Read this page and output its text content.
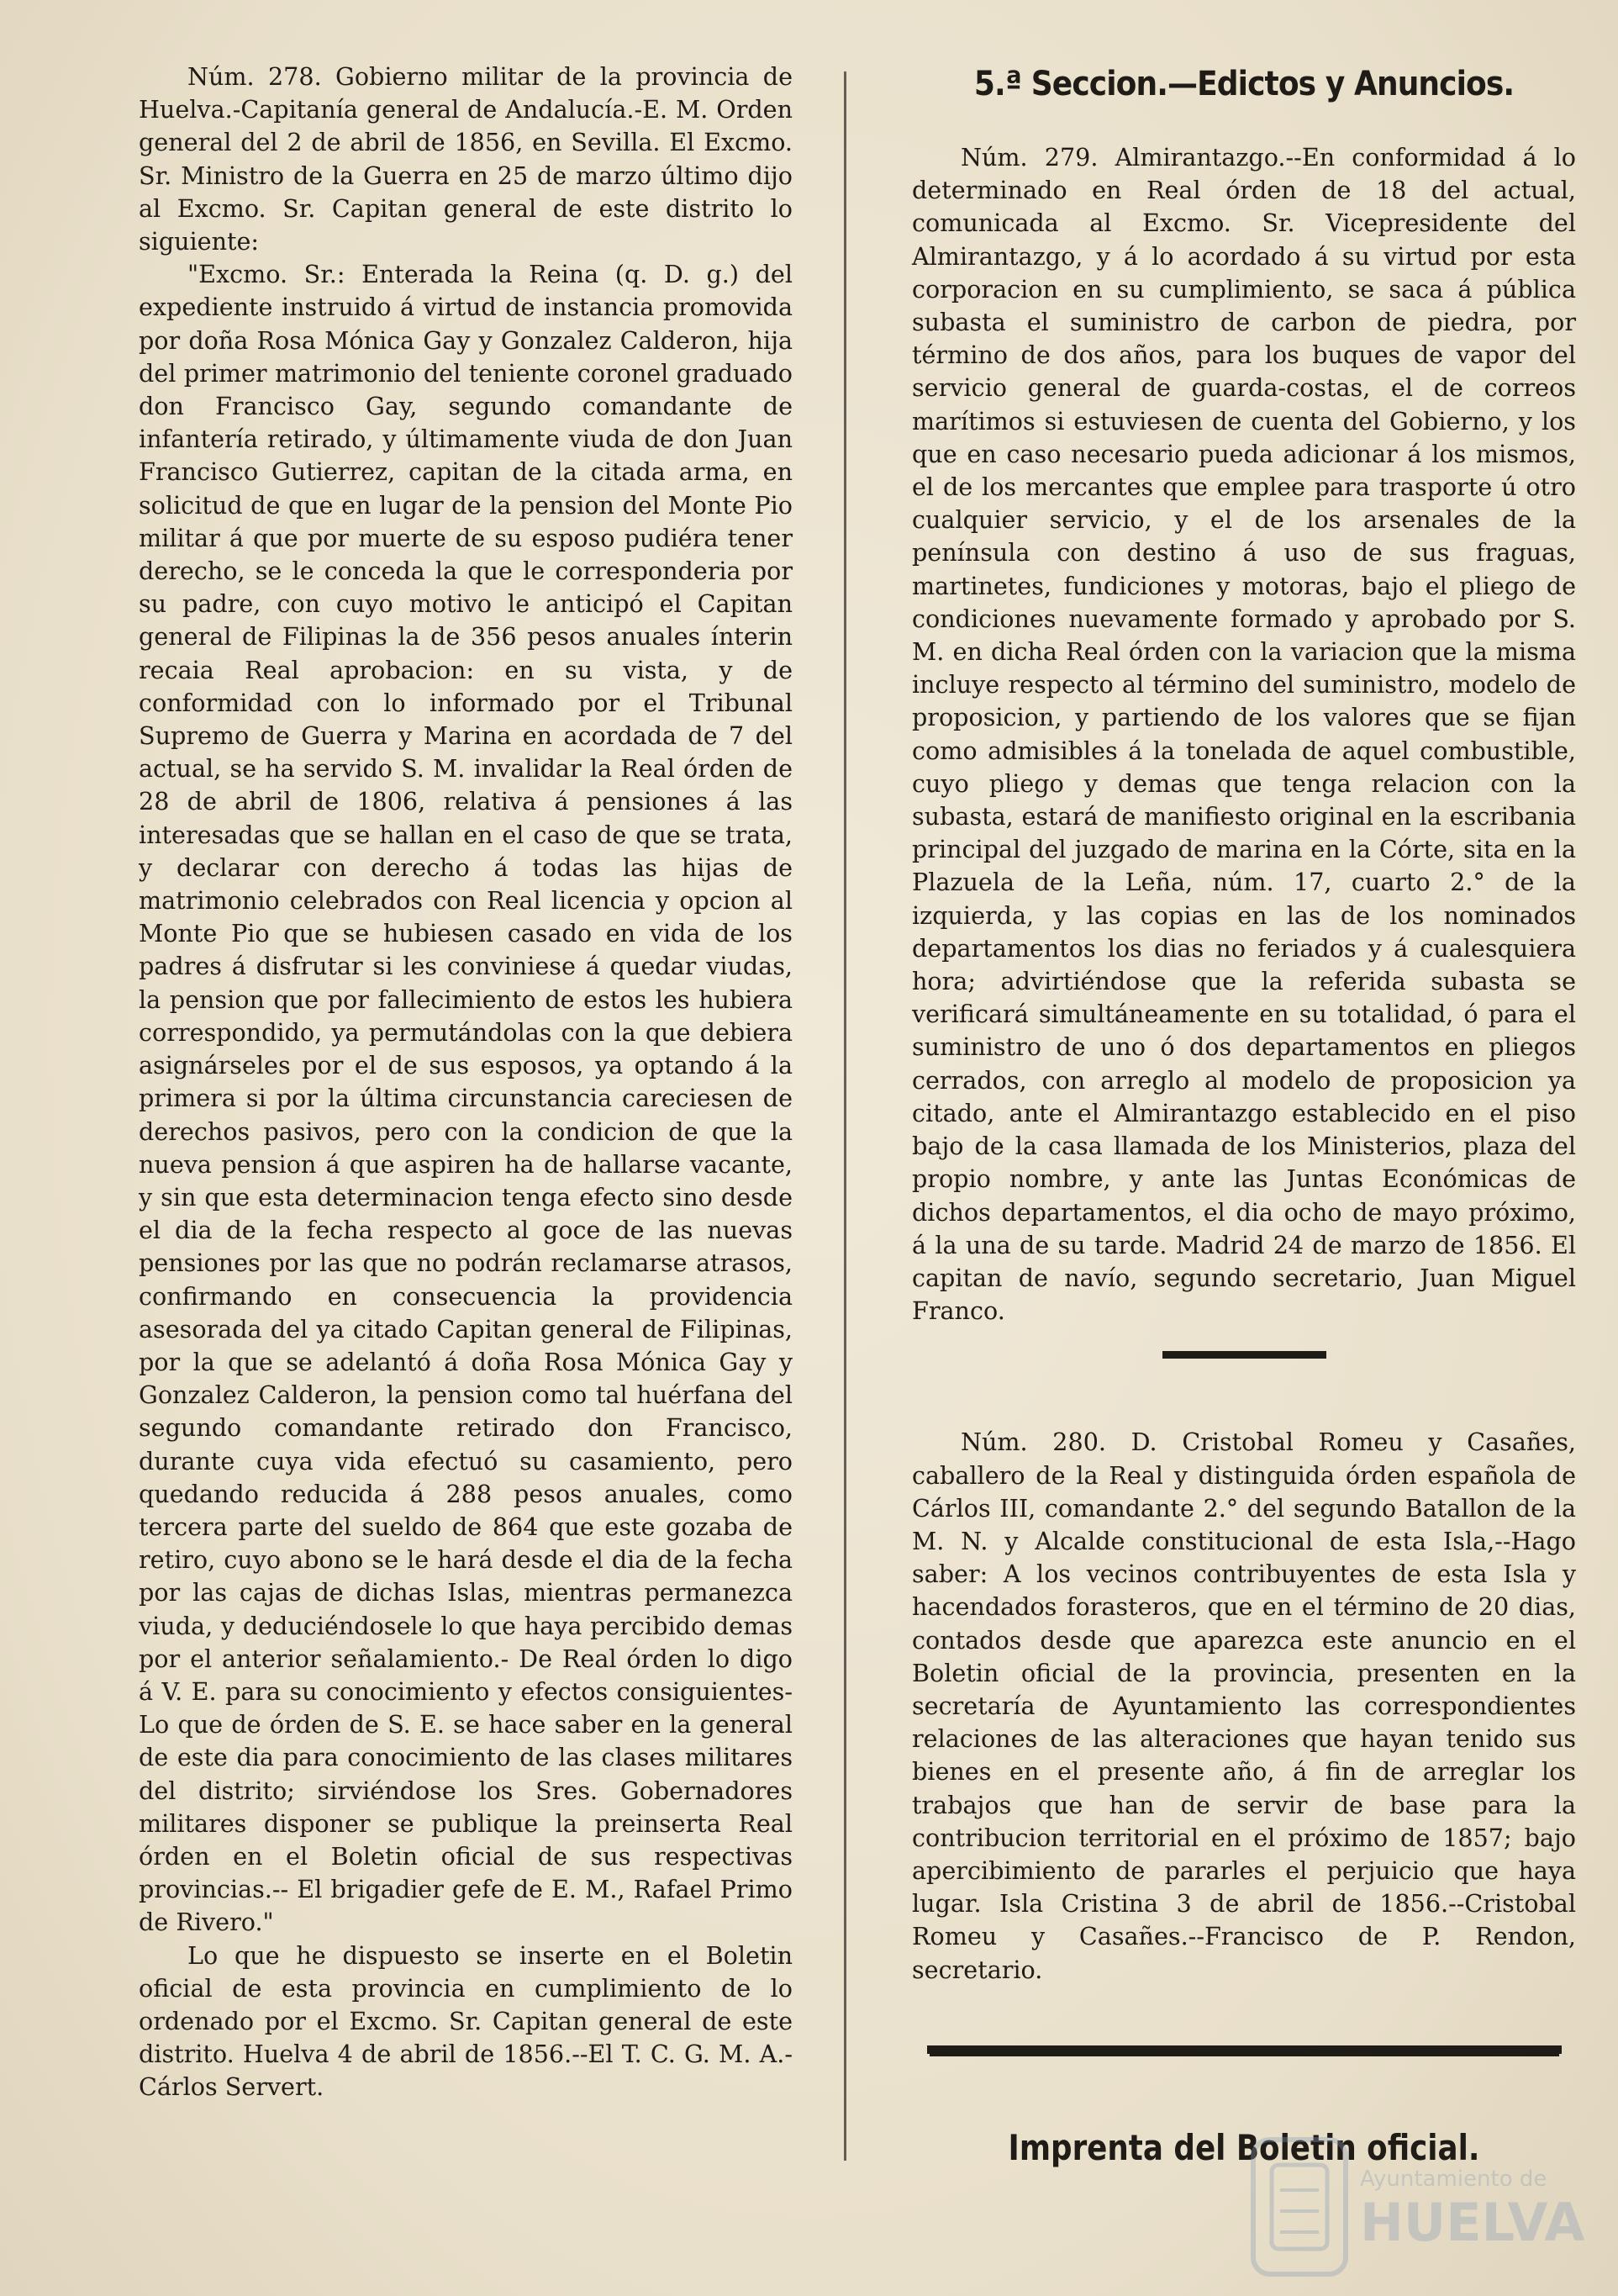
Núm. 278. Gobierno militar de la provincia de Huelva.-Capitanía general de Andalucía.-E. M. Orden general del 2 de abril de 1856, en Sevilla. El Excmo. Sr. Ministro de la Guerra en 25 de marzo último dijo al Excmo. Sr. Capitan general de este distrito lo siguiente:

"Excmo. Sr.: Enterada la Reina (q. D. g.) del expediente instruido á virtud de instancia promovida por doña Rosa Mónica Gay y Gonzalez Calderon, hija del primer matrimonio del teniente coronel graduado don Francisco Gay, segundo comandante de infantería retirado, y últimamente viuda de don Juan Francisco Gutierrez, capitan de la citada arma, en solicitud de que en lugar de la pension del Monte Pio militar á que por muerte de su esposo pudiéra tener derecho, se le conceda la que le corresponderia por su padre, con cuyo motivo le anticipó el Capitan general de Filipinas la de 356 pesos anuales ínterin recaia Real aprobacion: en su vista, y de conformidad con lo informado por el Tribunal Supremo de Guerra y Marina en acordada de 7 del actual, se ha servido S. M. invalidar la Real órden de 28 de abril de 1806, relativa á pensiones á las interesadas que se hallan en el caso de que se trata, y declarar con derecho á todas las hijas de matrimonio celebrados con Real licencia y opcion al Monte Pio que se hubiesen casado en vida de los padres á disfrutar si les conviniese á quedar viudas, la pension que por fallecimiento de estos les hubiera correspondido, ya permutándolas con la que debiera asignárseles por el de sus esposos, ya optando á la primera si por la última circunstancia careciesen de derechos pasivos, pero con la condicion de que la nueva pension á que aspiren ha de hallarse vacante, y sin que esta determinacion tenga efecto sino desde el dia de la fecha respecto al goce de las nuevas pensiones por las que no podrán reclamarse atrasos, confirmando en consecuencia la providencia asesorada del ya citado Capitan general de Filipinas, por la que se adelantó á doña Rosa Mónica Gay y Gonzalez Calderon, la pension como tal huérfana del segundo comandante retirado don Francisco, durante cuya vida efectuó su casamiento, pero quedando reducida á 288 pesos anuales, como tercera parte del sueldo de 864 que este gozaba de retiro, cuyo abono se le hará desde el dia de la fecha por las cajas de dichas Islas, mientras permanezca viuda, y deduciéndosele lo que haya percibido demas por el anterior señalamiento.- De Real órden lo digo á V. E. para su conocimiento y efectos consiguientes-Lo que de órden de S. E. se hace saber en la general de este dia para conocimiento de las clases militares del distrito; sirviéndose los Sres. Gobernadores militares disponer se publique la preinserta Real órden en el Boletin oficial de sus respectivas provincias.-- El brigadier gefe de E. M., Rafael Primo de Rivero."

Lo que he dispuesto se inserte en el Boletin oficial de esta provincia en cumplimiento de lo ordenado por el Excmo. Sr. Capitan general de este distrito. Huelva 4 de abril de 1856.--El T. C. G. M. A.-Cárlos Servert.

5.ª Seccion.—Edictos y Anuncios.

Núm. 279. Almirantazgo.--En conformidad á lo determinado en Real órden de 18 del actual, comunicada al Excmo. Sr. Vicepresidente del Almirantazgo, y á lo acordado á su virtud por esta corporacion en su cumplimiento, se saca á pública subasta el suministro de carbon de piedra, por término de dos años, para los buques de vapor del servicio general de guarda-costas, el de correos marítimos si estuviesen de cuenta del Gobierno, y los que en caso necesario pueda adicionar á los mismos, el de los mercantes que emplee para trasporte ú otro cualquier servicio, y el de los arsenales de la península con destino á uso de sus fraguas, martinetes, fundiciones y motoras, bajo el pliego de condiciones nuevamente formado y aprobado por S. M. en dicha Real órden con la variacion que la misma incluye respecto al término del suministro, modelo de proposicion, y partiendo de los valores que se fijan como admisibles á la tonelada de aquel combustible, cuyo pliego y demas que tenga relacion con la subasta, estará de manifiesto original en la escribania principal del juzgado de marina en la Córte, sita en la Plazuela de la Leña, núm. 17, cuarto 2.° de la izquierda, y las copias en las de los nominados departamentos los dias no feriados y á cualesquiera hora; advirtiéndose que la referida subasta se verificará simultáneamente en su totalidad, ó para el suministro de uno ó dos departamentos en pliegos cerrados, con arreglo al modelo de proposicion ya citado, ante el Almirantazgo establecido en el piso bajo de la casa llamada de los Ministerios, plaza del propio nombre, y ante las Juntas Económicas de dichos departamentos, el dia ocho de mayo próximo, á la una de su tarde. Madrid 24 de marzo de 1856. El capitan de navío, segundo secretario, Juan Miguel Franco.

Núm. 280. D. Cristobal Romeu y Casañes, caballero de la Real y distinguida órden española de Cárlos III, comandante 2.° del segundo Batallon de la M. N. y Alcalde constitucional de esta Isla,--Hago saber: A los vecinos contribuyentes de esta Isla y hacendados forasteros, que en el término de 20 dias, contados desde que aparezca este anuncio en el Boletin oficial de la provincia, presenten en la secretaría de Ayuntamiento las correspondientes relaciones de las alteraciones que hayan tenido sus bienes en el presente año, á fin de arreglar los trabajos que han de servir de base para la contribucion territorial en el próximo de 1857; bajo apercibimiento de pararles el perjuicio que haya lugar. Isla Cristina 3 de abril de 1856.--Cristobal Romeu y Casañes.--Francisco de P. Rendon, secretario.

Imprenta del Boletin oficial.
Ayuntamiento de
HUELVA
